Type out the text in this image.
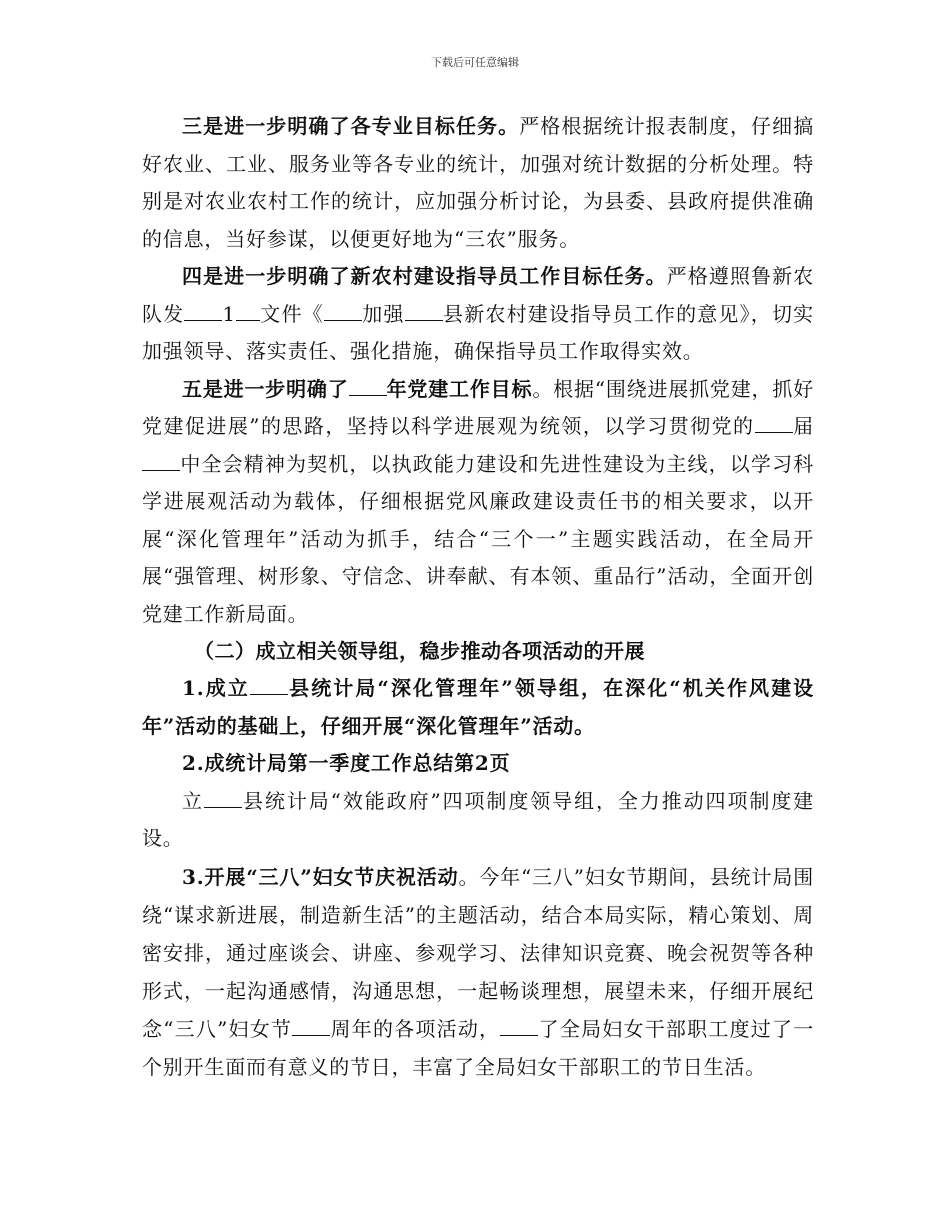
下载后可任意编辑

三是进一步明确了各专业目标任务。严格根据统计报表制度，仔细搞好农业、工业、服务业等各专业的统计，加强对统计数据的分析处理。特别是对农业农村工作的统计，应加强分析讨论，为县委、县政府提供准确的信息，当好参谋，以便更好地为“三农”服务。

四是进一步明确了新农村建设指导员工作目标任务。严格遵照鲁新农队发 1 文件《 加强 县新农村建设指导员工作的意见》，切实加强领导、落实责任、强化措施，确保指导员工作取得实效。

五是进一步明确了 年党建工作目标。根据“围绕进展抓党建，抓好党建促进展”的思路，坚持以科学进展观为统领，以学习贯彻党的 届中全会精神为契机，以执政能力建设和先进性建设为主线，以学习科学进展观活动为载体，仔细根据党风廉政建设责任书的相关要求，以开展“深化管理年”活动为抓手，结合“三个一”主题实践活动，在全局开展“强管理、树形象、守信念、讲奉献、有本领、重品行”活动，全面开创党建工作新局面。

（二）成立相关领导组，稳步推动各项活动的开展

1.成立 县统计局“深化管理年”领导组，在深化“机关作风建设年”活动的基础上，仔细开展“深化管理年”活动。

2.成统计局第一季度工作总结第2页

立 县统计局“效能政府”四项制度领导组，全力推动四项制度建设。

3.开展“三八”妇女节庆祝活动。今年“三八”妇女节期间，县统计局围绕“谋求新进展，制造新生活”的主题活动，结合本局实际，精心策划、周密安排，通过座谈会、讲座、参观学习、法律知识竞赛、晚会祝贺等各种形式，一起沟通感情，沟通思想，一起畅谈理想，展望未来，仔细开展纪念“三八”妇女节 周年的各项活动， 了全局妇女干部职工度过了一个别开生面而有意义的节日，丰富了全局妇女干部职工的节日生活。
